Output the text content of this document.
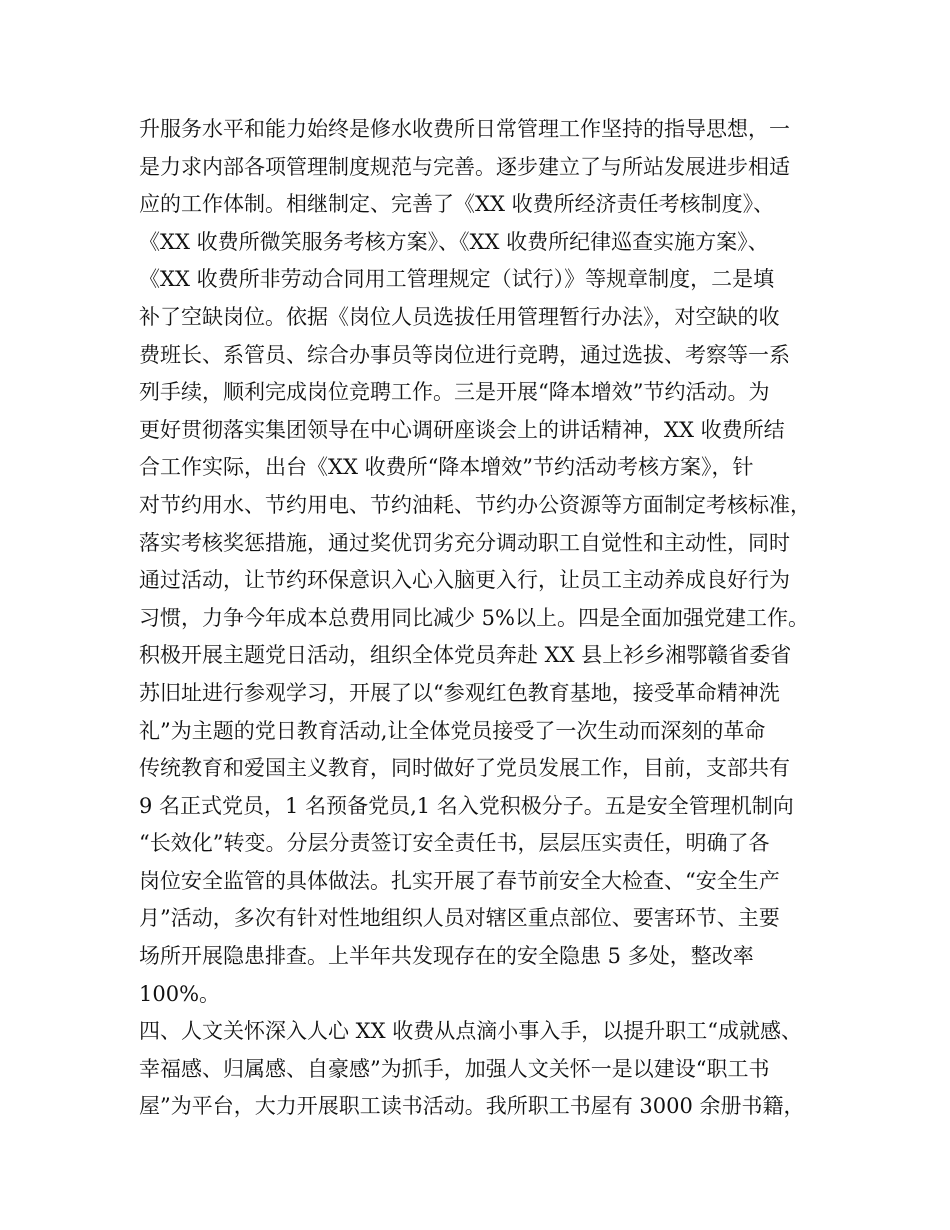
升服务水平和能力始终是修水收费所日常管理工作坚持的指导思想，一
是力求内部各项管理制度规范与完善。逐步建立了与所站发展进步相适
应的工作体制。相继制定、完善了《XX 收费所经济责任考核制度》、
《XX 收费所微笑服务考核方案》、《XX 收费所纪律巡查实施方案》、
《XX 收费所非劳动合同用工管理规定（试行）》等规章制度，二是填
补了空缺岗位。依据《岗位人员选拔任用管理暂行办法》，对空缺的收
费班长、系管员、综合办事员等岗位进行竞聘，通过选拔、考察等一系
列手续，顺利完成岗位竞聘工作。三是开展“降本增效”节约活动。为
更好贯彻落实集团领导在中心调研座谈会上的讲话精神，XX 收费所结
合工作实际，出台《XX 收费所“降本增效”节约活动考核方案》，针
对节约用水、节约用电、节约油耗、节约办公资源等方面制定考核标准，
落实考核奖惩措施，通过奖优罚劣充分调动职工自觉性和主动性，同时
通过活动，让节约环保意识入心入脑更入行，让员工主动养成良好行为
习惯，力争今年成本总费用同比减少 5%以上。四是全面加强党建工作。
积极开展主题党日活动，组织全体党员奔赴 XX 县上衫乡湘鄂赣省委省
苏旧址进行参观学习，开展了以“参观红色教育基地，接受革命精神洗
礼”为主题的党日教育活动,让全体党员接受了一次生动而深刻的革命
传统教育和爱国主义教育，同时做好了党员发展工作，目前，支部共有
9 名正式党员，1 名预备党员,1 名入党积极分子。五是安全管理机制向
“长效化”转变。分层分责签订安全责任书，层层压实责任，明确了各
岗位安全监管的具体做法。扎实开展了春节前安全大检查、“安全生产
月”活动，多次有针对性地组织人员对辖区重点部位、要害环节、主要
场所开展隐患排查。上半年共发现存在的安全隐患 5 多处，整改率
100%。
四、人文关怀深入人心 XX 收费从点滴小事入手，以提升职工“成就感、
幸福感、归属感、自豪感”为抓手，加强人文关怀一是以建设“职工书
屋”为平台，大力开展职工读书活动。我所职工书屋有 3000 余册书籍，
